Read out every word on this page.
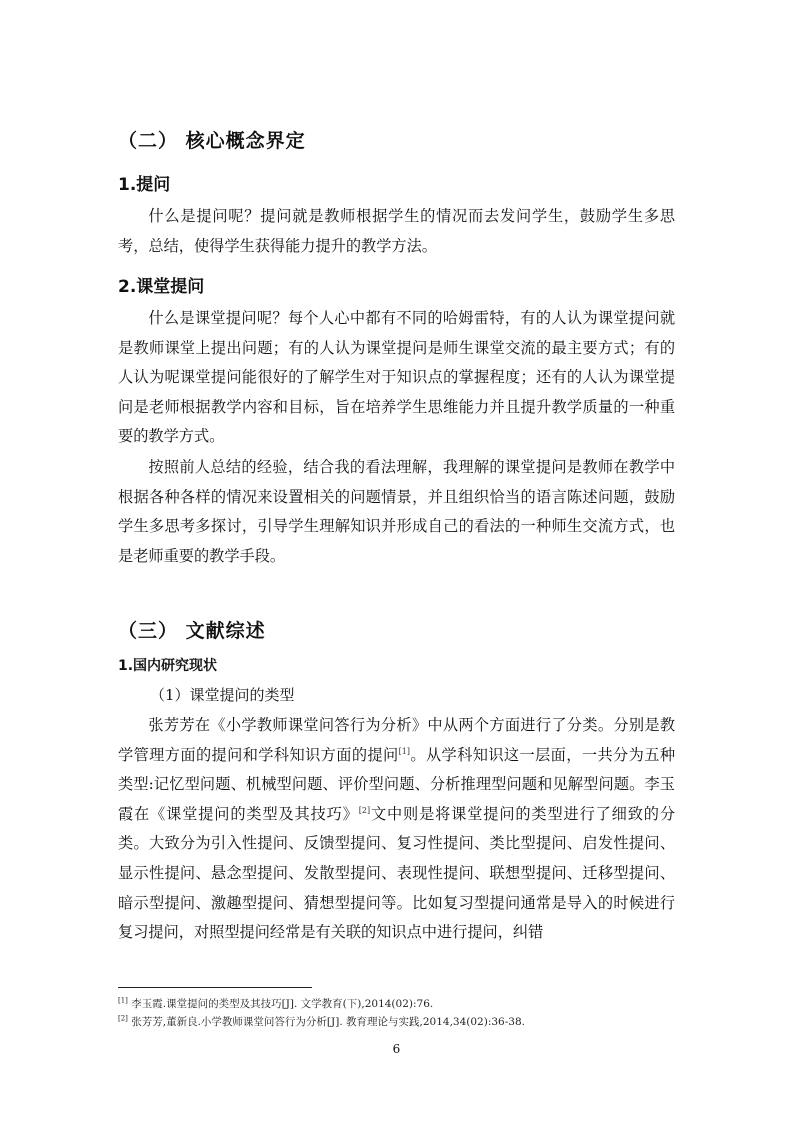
（二） 核心概念界定
1.提问

什么是提问呢？提问就是教师根据学生的情况而去发问学生，鼓励学生多思考，总结，使得学生获得能力提升的教学方法。

2.课堂提问

什么是课堂提问呢？每个人心中都有不同的哈姆雷特，有的人认为课堂提问就是教师课堂上提出问题；有的人认为课堂提问是师生课堂交流的最主要方式；有的人认为呢课堂提问能很好的了解学生对于知识点的掌握程度；还有的人认为课堂提问是老师根据教学内容和目标，旨在培养学生思维能力并且提升教学质量的一种重要的教学方式。

按照前人总结的经验，结合我的看法理解，我理解的课堂提问是教师在教学中根据各种各样的情况来设置相关的问题情景，并且组织恰当的语言陈述问题，鼓励学生多思考多探讨，引导学生理解知识并形成自己的看法的一种师生交流方式，也是老师重要的教学手段。

（三） 文献综述
1.国内研究现状
（1）课堂提问的类型

张芳芳在《小学教师课堂问答行为分析》中从两个方面进行了分类。分别是教学管理方面的提问和学科知识方面的提问[1]。从学科知识这一层面，一共分为五种类型:记忆型问题、机械型问题、评价型问题、分析推理型问题和见解型问题。李玉霞在《课堂提问的类型及其技巧》[2]文中则是将课堂提问的类型进行了细致的分类。大致分为引入性提问、反馈型提问、复习性提问、类比型提问、启发性提问、显示性提问、悬念型提问、发散型提问、表现性提问、联想型提问、迁移型提问、暗示型提问、激趣型提问、猜想型提问等。比如复习型提问通常是导入的时候进行复习提问，对照型提问经常是有关联的知识点中进行提问，纠错

[1] 李玉霞.课堂提问的类型及其技巧[J]. 文学教育(下),2014(02):76.
[2] 张芳芳,董新良.小学教师课堂问答行为分析[J]. 教育理论与实践,2014,34(02):36-38.
6
